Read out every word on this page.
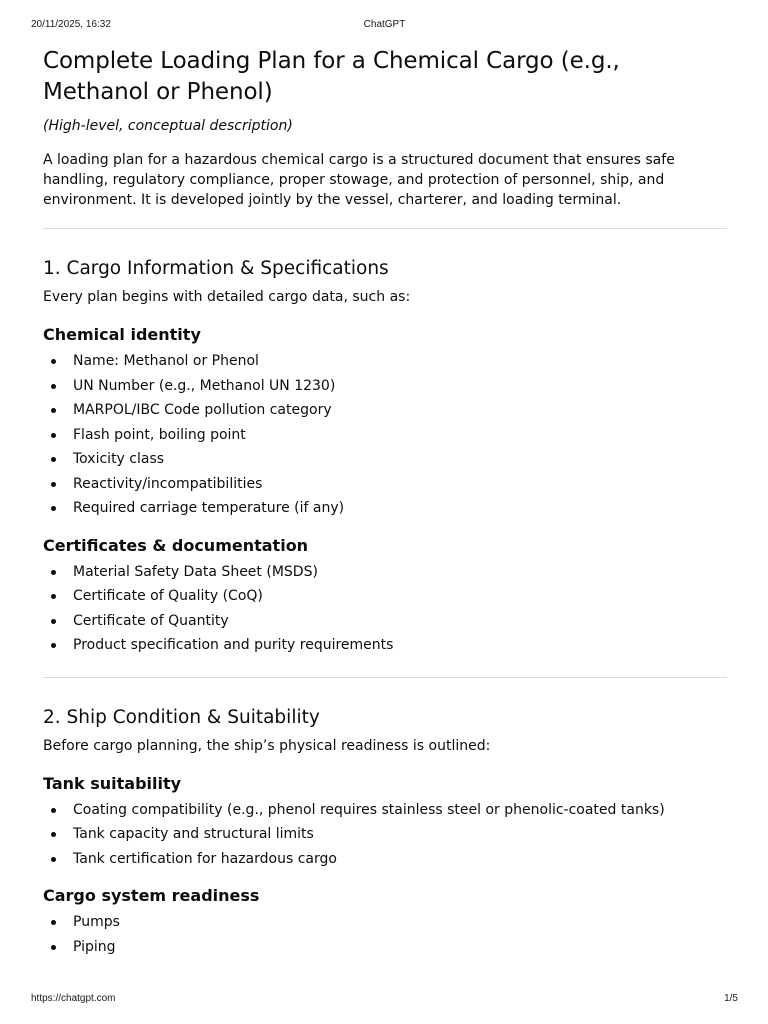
20/11/2025, 16:32	ChatGPT
Complete Loading Plan for a Chemical Cargo (e.g., Methanol or Phenol)

(High-level, conceptual description)

A loading plan for a hazardous chemical cargo is a structured document that ensures safe handling, regulatory compliance, proper stowage, and protection of personnel, ship, and environment. It is developed jointly by the vessel, charterer, and loading terminal.

1. Cargo Information & Specifications

Every plan begins with detailed cargo data, such as:

Chemical identity
Name: Methanol or Phenol
UN Number (e.g., Methanol UN 1230)
MARPOL/IBC Code pollution category
Flash point, boiling point
Toxicity class
Reactivity/incompatibilities
Required carriage temperature (if any)
Certificates & documentation
Material Safety Data Sheet (MSDS)
Certificate of Quality (CoQ)
Certificate of Quantity
Product specification and purity requirements
2. Ship Condition & Suitability

Before cargo planning, the ship’s physical readiness is outlined:

Tank suitability
Coating compatibility (e.g., phenol requires stainless steel or phenolic-coated tanks)
Tank capacity and structural limits
Tank certification for hazardous cargo
Cargo system readiness
Pumps
Piping
https://chatgpt.com	1/5
